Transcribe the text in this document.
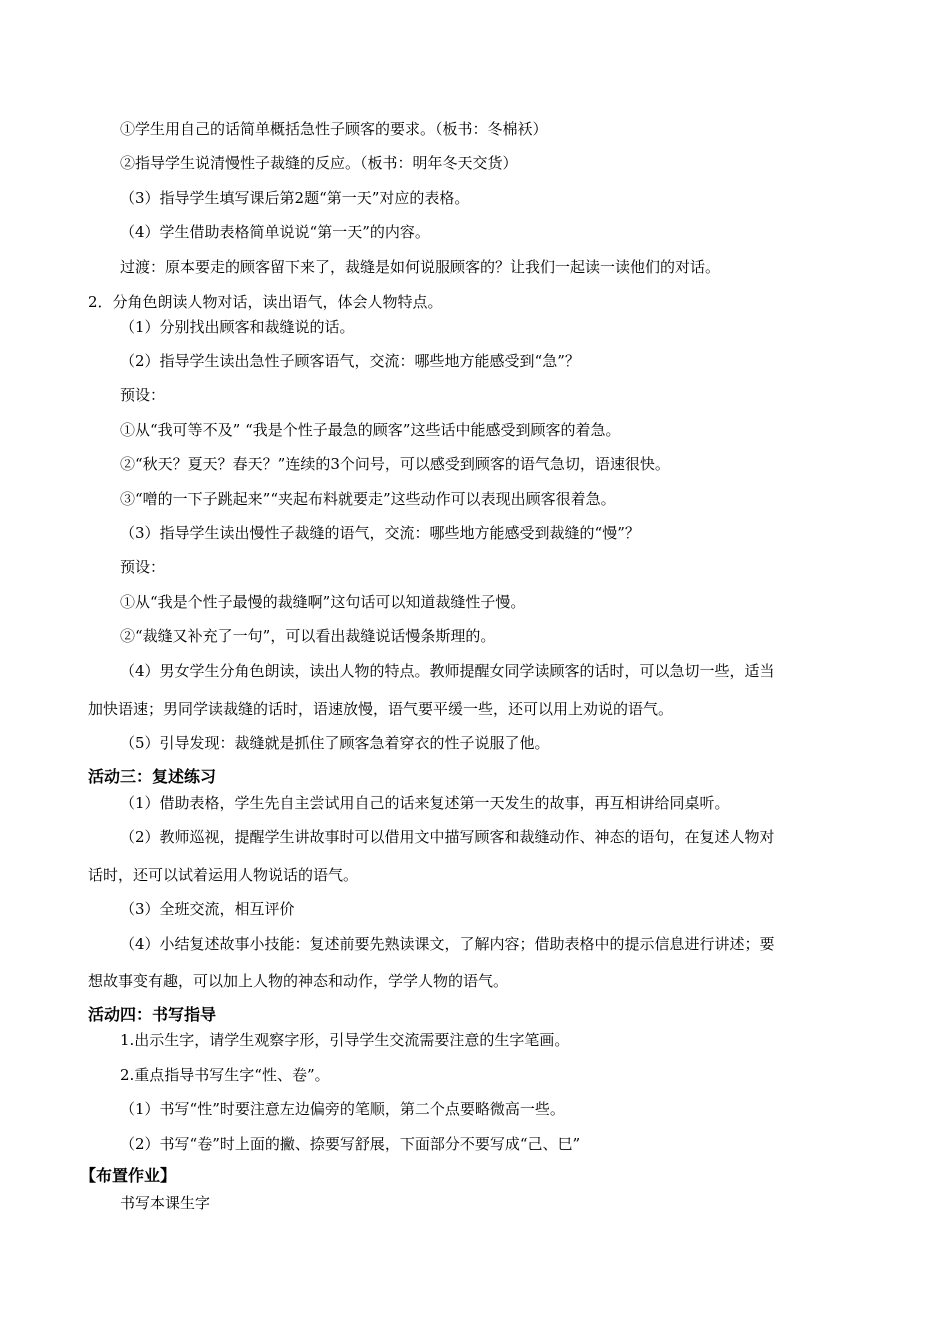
①学生用自己的话简单概括急性子顾客的要求。（板书：冬棉袄）
②指导学生说清慢性子裁缝的反应。（板书：明年冬天交货）
（3）指导学生填写课后第2题“第一天”对应的表格。
（4）学生借助表格简单说说“第一天”的内容。
过渡：原本要走的顾客留下来了，裁缝是如何说服顾客的？让我们一起读一读他们的对话。
2．分角色朗读人物对话，读出语气，体会人物特点。
（1）分别找出顾客和裁缝说的话。
（2）指导学生读出急性子顾客语气，交流：哪些地方能感受到“急”？
预设：
①从“我可等不及” “我是个性子最急的顾客”这些话中能感受到顾客的着急。
②“秋天？夏天？春天？”连续的3个问号，可以感受到顾客的语气急切，语速很快。
③“噌的一下子跳起来”“夹起布料就要走”这些动作可以表现出顾客很着急。
（3）指导学生读出慢性子裁缝的语气，交流：哪些地方能感受到裁缝的“慢”？
预设：
①从“我是个性子最慢的裁缝啊”这句话可以知道裁缝性子慢。
②“裁缝又补充了一句”，可以看出裁缝说话慢条斯理的。
（4）男女学生分角色朗读，读出人物的特点。教师提醒女同学读顾客的话时，可以急切一些，适当
加快语速；男同学读裁缝的话时，语速放慢，语气要平缓一些，还可以用上劝说的语气。
（5）引导发现：裁缝就是抓住了顾客急着穿衣的性子说服了他。
活动三：复述练习
（1）借助表格，学生先自主尝试用自己的话来复述第一天发生的故事，再互相讲给同桌听。
（2）教师巡视，提醒学生讲故事时可以借用文中描写顾客和裁缝动作、神态的语句，在复述人物对
话时，还可以试着运用人物说话的语气。
（3）全班交流，相互评价
（4）小结复述故事小技能：复述前要先熟读课文，了解内容；借助表格中的提示信息进行讲述；要
想故事变有趣，可以加上人物的神态和动作，学学人物的语气。
活动四：书写指导
1.出示生字，请学生观察字形，引导学生交流需要注意的生字笔画。
2.重点指导书写生字“性、卷”。
（1）书写“性”时要注意左边偏旁的笔顺，第二个点要略微高一些。
（2）书写“卷”时上面的撇、捺要写舒展，下面部分不要写成“己、巳”
【布置作业】
书写本课生字
